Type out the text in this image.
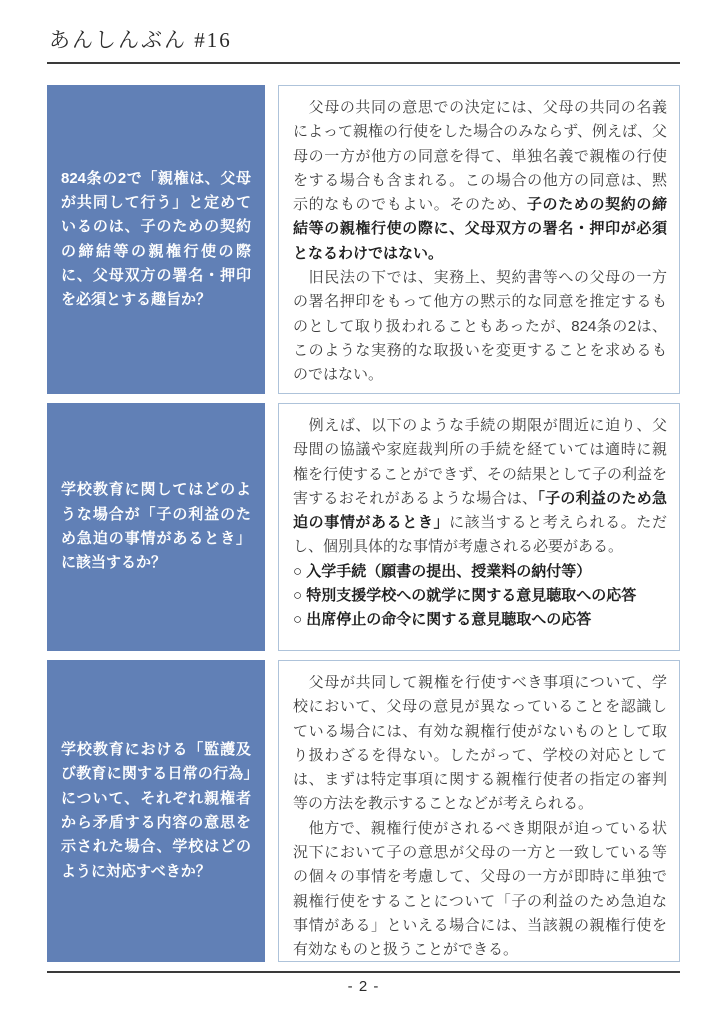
あんしんぶん #16
824条の2で「親権は、父母が共同して行う」と定めているのは、子のための契約の締結等の親権行使の際に、父母双方の署名・押印を必須とする趣旨か？
　父母の共同の意思での決定には、父母の共同の名義によって親権の行使をした場合のみならず、例えば、父母の一方が他方の同意を得て、単独名義で親権の行使をする場合も含まれる。この場合の他方の同意は、黙示的なものでもよい。そのため、子のための契約の締結等の親権行使の際に、父母双方の署名・押印が必須となるわけではない。
　旧民法の下では、実務上、契約書等への父母の一方の署名押印をもって他方の黙示的な同意を推定するものとして取り扱われることもあったが、824条の2は、このような実務的な取扱いを変更することを求めるものではない。
学校教育に関してはどのような場合が「子の利益のため急迫の事情があるとき」に該当するか？
　例えば、以下のような手続の期限が間近に迫り、父母間の協議や家庭裁判所の手続を経ていては適時に親権を行使することができず、その結果として子の利益を害するおそれがあるような場合は、「子の利益のため急迫の事情があるとき」に該当すると考えられる。ただし、個別具体的な事情が考慮される必要がある。
○ 入学手続（願書の提出、授業料の納付等）
○ 特別支援学校への就学に関する意見聴取への応答
○ 出席停止の命令に関する意見聴取への応答
学校教育における「監護及び教育に関する日常の行為」について、それぞれ親権者から矛盾する内容の意思を示された場合、学校はどのように対応すべきか？
　父母が共同して親権を行使すべき事項について、学校において、父母の意見が異なっていることを認識している場合には、有効な親権行使がないものとして取り扱わざるを得ない。したがって、学校の対応としては、まずは特定事項に関する親権行使者の指定の審判等の方法を教示することなどが考えられる。
　他方で、親権行使がされるべき期限が迫っている状況下において子の意思が父母の一方と一致している等の個々の事情を考慮して、父母の一方が即時に単独で親権行使をすることについて「子の利益のため急迫な事情がある」といえる場合には、当該親の親権行使を有効なものと扱うことができる。
- 2 -
